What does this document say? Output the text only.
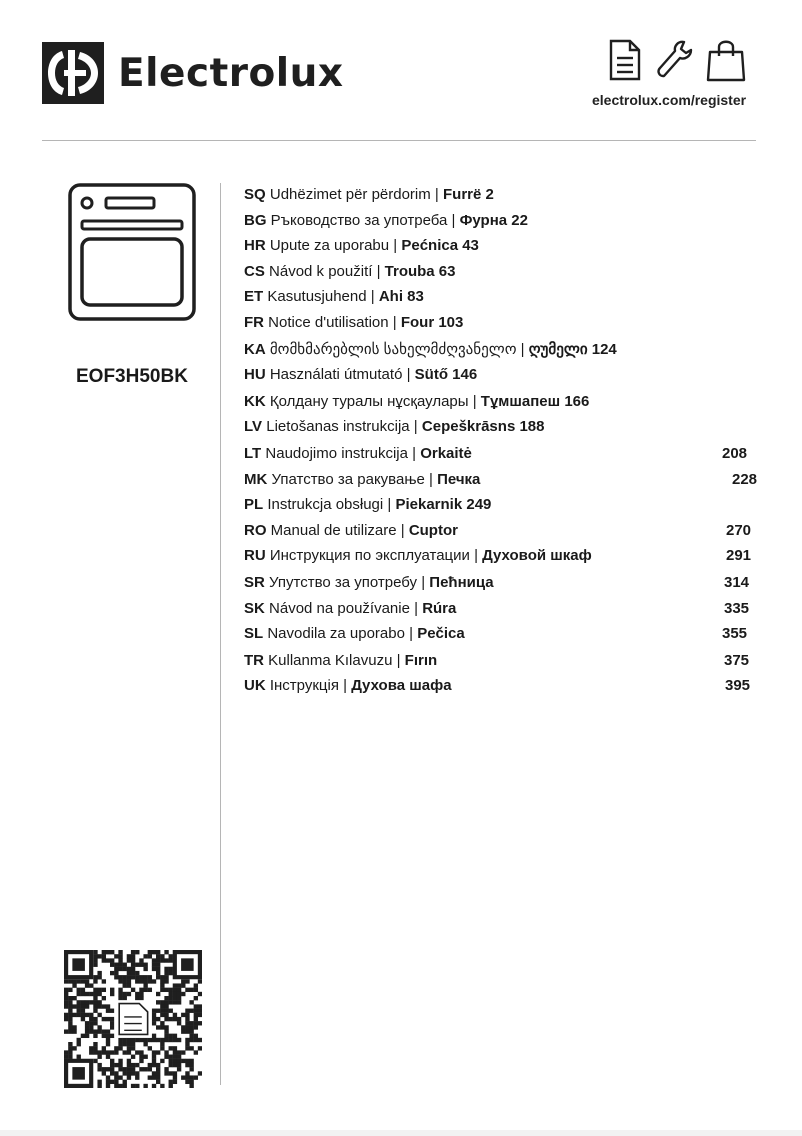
Electrolux
electrolux.com/register
EOF3H50BK
SQ Udhëzimet për përdorim | Furrë 2
BG Ръководство за употреба | Фурна 22
HR Upute za uporabu | Pećnica 43
CS Návod k použití | Trouba 63
ET Kasutusjuhend | Ahi 83
FR Notice d'utilisation | Four 103
KA მომხმარებლის სახელმძღვანელო | ღუმელი 124
HU Használati útmutató | Sütő 146
KK Қолдану туралы нұсқаулары | Тұмшапеш 166
LV Lietošanas instrukcija | Cepeškrāsns 188
LT Naudojimo instrukcija | Orkaitė	208
MK Упатство за ракување | Печка	228
PL Instrukcja obsługi | Piekarnik 249
RO Manual de utilizare | Cuptor	270
RU Инструкция по эксплуатации | Духовой шкаф	291
SR Упутство за употребу | Пећница	314
SK Návod na používanie | Rúra	335
SL Navodila za uporabo | Pečica	355
TR Kullanma Kılavuzu | Fırın	375
UK Інструкція | Духова шафа	395
